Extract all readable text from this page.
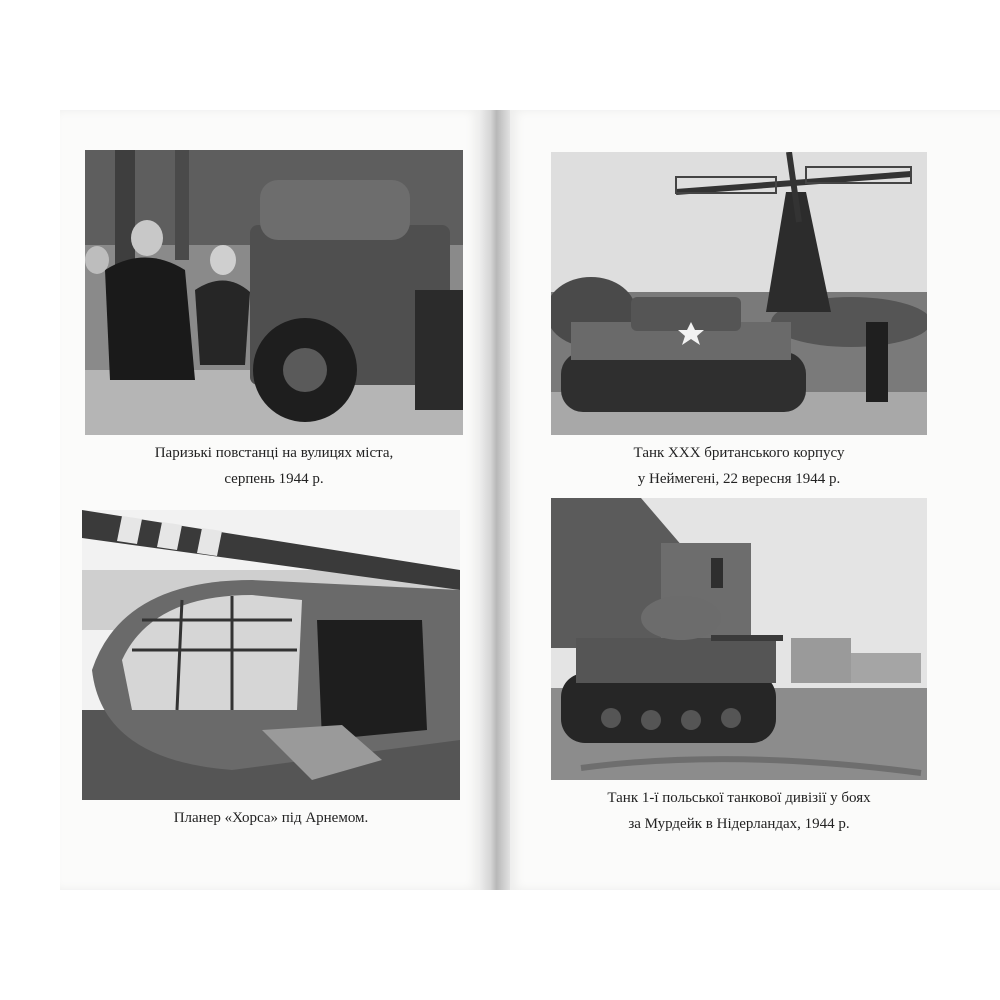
Паризькі повстанці на вулицях міста,
серпень 1944 р.
Планер «Хорса» під Арнемом.
Танк XXX британського корпусу
у Неймегені, 22 вересня 1944 р.
Танк 1-ї польської танкової дивізії у боях
за Мурдейк в Нідерландах, 1944 р.
